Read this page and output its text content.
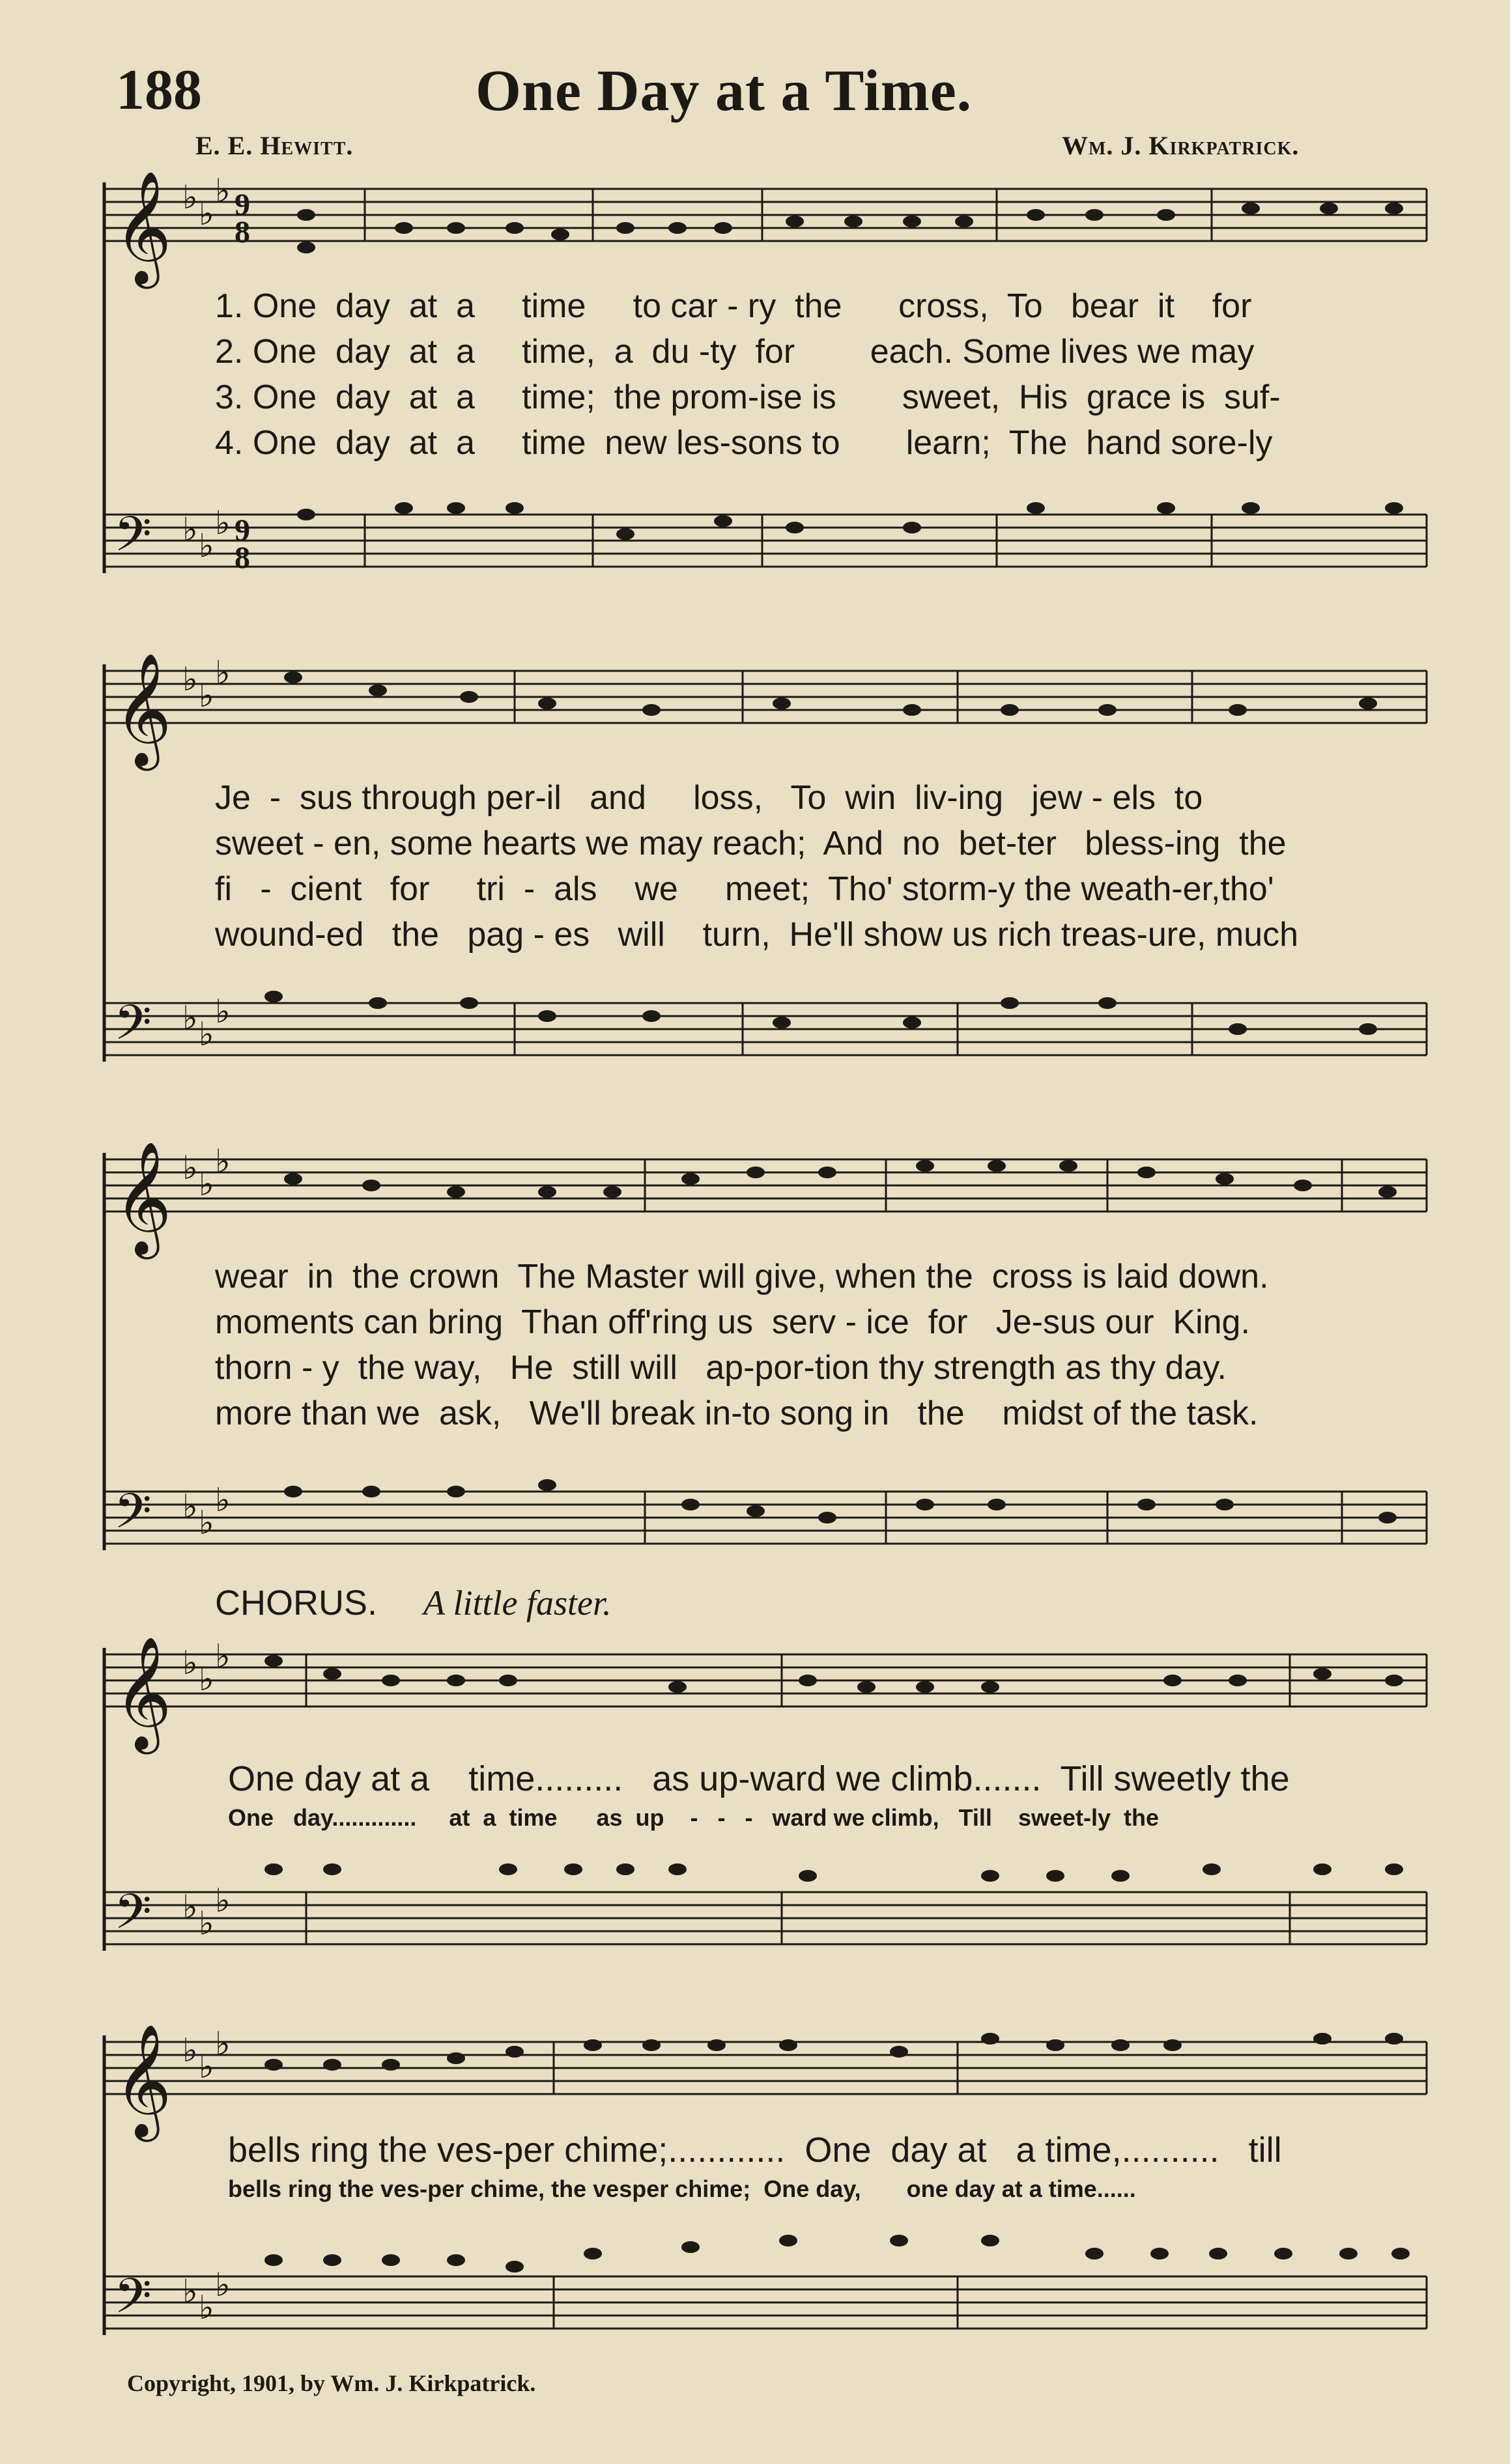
188	One Day at a Time.
E. E. Hewitt.	Wm. J. Kirkpatrick.
𝄞
𝄢
𝄞
𝄢
𝄞
𝄢
𝄞
𝄢
𝄞
𝄢
♭ ♭
♭
♭ ♭
♭
♭ ♭
♭
♭ ♭
♭
♭ ♭
♭
♭ ♭
♭
♭ ♭
♭
♭ ♭
♭
♭ ♭
♭
♭ ♭
♭
9
8
9
8
1. One  day  at  a     time     to car - ry  the      cross,  To   bear  it    for
2. One  day  at  a     time,  a  du -ty  for        each. Some lives we may
3. One  day  at  a     time;  the prom-ise is       sweet,  His  grace is  suf-
4. One  day  at  a     time  new les-sons to       learn;  The  hand sore-ly
Je  -  sus through per-il   and     loss,   To  win  liv-ing   jew - els  to
sweet - en, some hearts we may reach;  And  no  bet-ter   bless-ing  the
fi   -  cient   for     tri  -  als    we     meet;  Tho' storm-y the weath-er,tho'
wound-ed   the   pag - es   will    turn,  He'll show us rich treas-ure, much
wear  in  the crown  The Master will give, when the  cross is laid down.
moments can bring  Than off'ring us  serv - ice  for   Je-sus our  King.
thorn - y  the way,   He  still will   ap-por-tion thy strength as thy day.
more than we  ask,   We'll break in-to song in   the    midst of the task.
CHORUS. A little faster.
One day at a    time.........   as up-ward we climb.......  Till sweetly the
One   day.............     at  a  time      as  up    -   -   -   ward we climb,   Till    sweet-ly  the
bells ring the ves-per chime;............  One  day at   a time,..........   till
bells ring the ves-per chime, the vesper chime;  One day,       one day at a time......
Copyright, 1901, by Wm. J. Kirkpatrick.
